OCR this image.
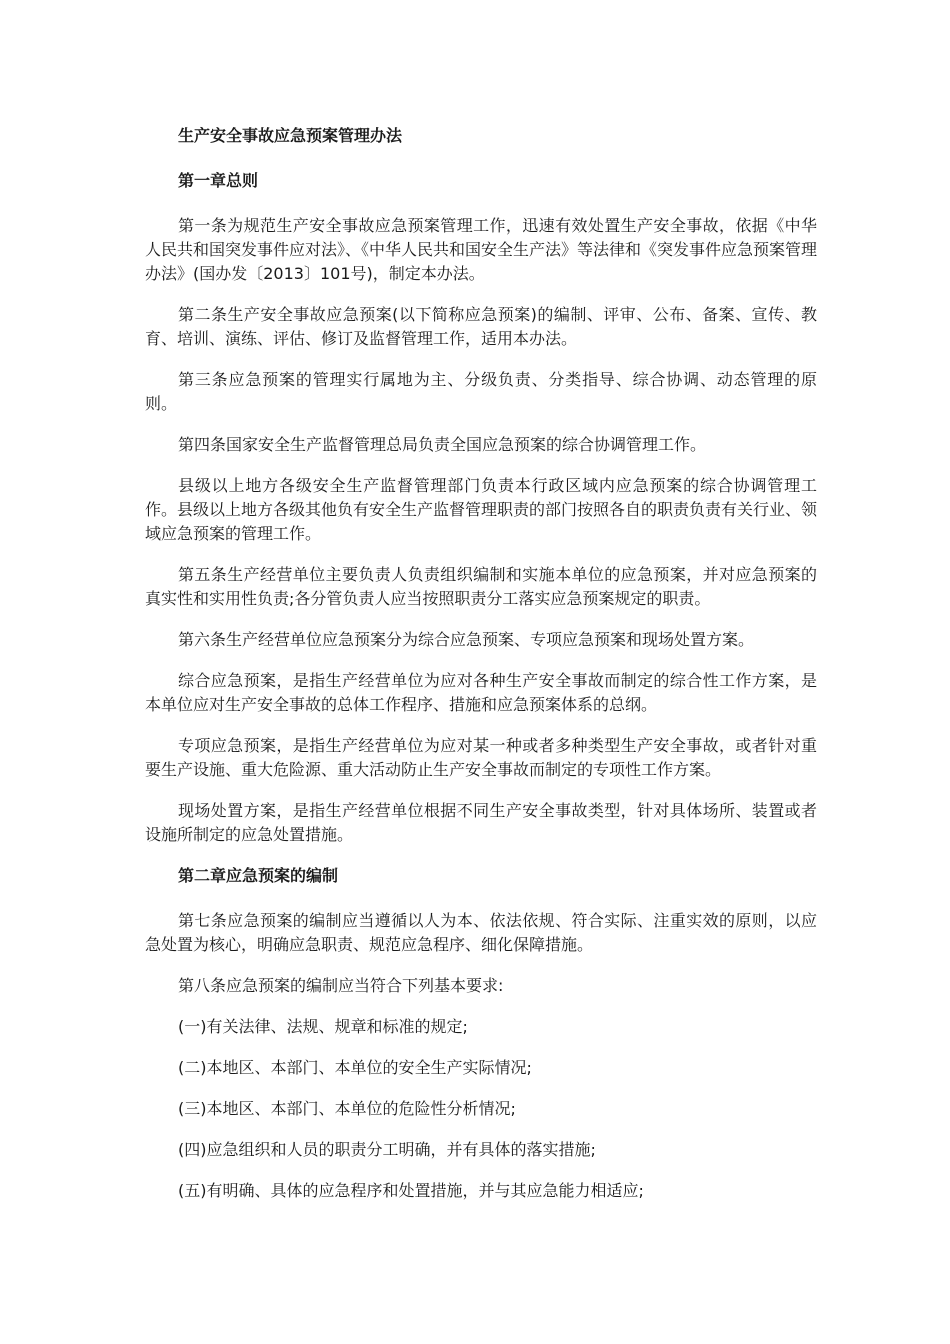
生产安全事故应急预案管理办法

第一章总则

第一条为规范生产安全事故应急预案管理工作，迅速有效处置生产安全事故，依据《中华人民共和国突发事件应对法》、《中华人民共和国安全生产法》等法律和《突发事件应急预案管理办法》(国办发〔2013〕101号)，制定本办法。

第二条生产安全事故应急预案(以下简称应急预案)的编制、评审、公布、备案、宣传、教育、培训、演练、评估、修订及监督管理工作，适用本办法。

第三条应急预案的管理实行属地为主、分级负责、分类指导、综合协调、动态管理的原则。

第四条国家安全生产监督管理总局负责全国应急预案的综合协调管理工作。

县级以上地方各级安全生产监督管理部门负责本行政区域内应急预案的综合协调管理工作。县级以上地方各级其他负有安全生产监督管理职责的部门按照各自的职责负责有关行业、领域应急预案的管理工作。

第五条生产经营单位主要负责人负责组织编制和实施本单位的应急预案，并对应急预案的真实性和实用性负责;各分管负责人应当按照职责分工落实应急预案规定的职责。

第六条生产经营单位应急预案分为综合应急预案、专项应急预案和现场处置方案。

综合应急预案，是指生产经营单位为应对各种生产安全事故而制定的综合性工作方案，是本单位应对生产安全事故的总体工作程序、措施和应急预案体系的总纲。

专项应急预案，是指生产经营单位为应对某一种或者多种类型生产安全事故，或者针对重要生产设施、重大危险源、重大活动防止生产安全事故而制定的专项性工作方案。

现场处置方案，是指生产经营单位根据不同生产安全事故类型，针对具体场所、装置或者设施所制定的应急处置措施。

第二章应急预案的编制

第七条应急预案的编制应当遵循以人为本、依法依规、符合实际、注重实效的原则，以应急处置为核心，明确应急职责、规范应急程序、细化保障措施。

第八条应急预案的编制应当符合下列基本要求:

(一)有关法律、法规、规章和标准的规定;

(二)本地区、本部门、本单位的安全生产实际情况;

(三)本地区、本部门、本单位的危险性分析情况;

(四)应急组织和人员的职责分工明确，并有具体的落实措施;

(五)有明确、具体的应急程序和处置措施，并与其应急能力相适应;
